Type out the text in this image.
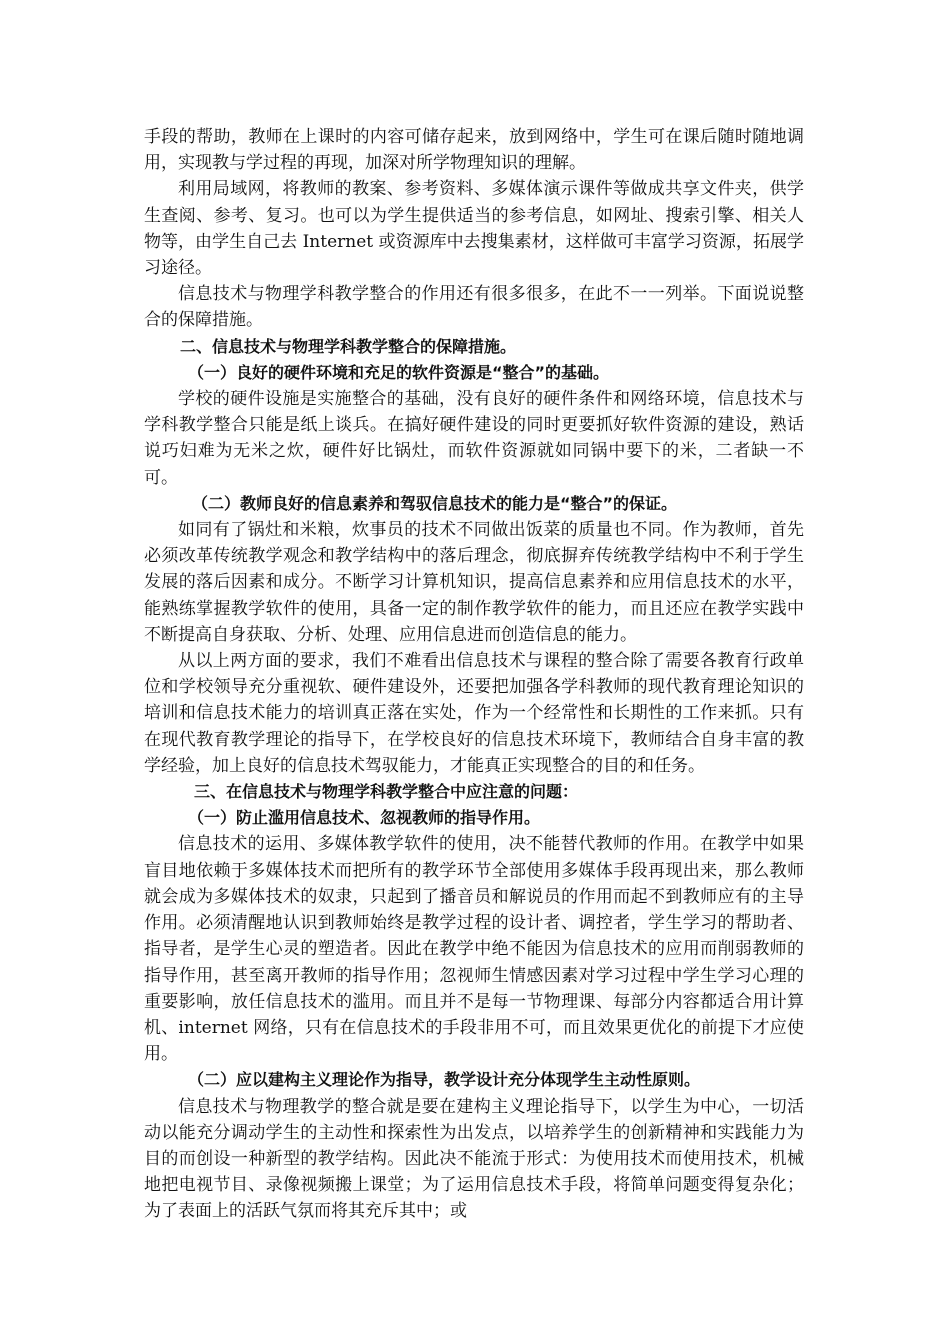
手段的帮助，教师在上课时的内容可储存起来，放到网络中，学生可在课后随时随地调用，实现教与学过程的再现，加深对所学物理知识的理解。

利用局域网，将教师的教案、参考资料、多媒体演示课件等做成共享文件夹，供学生查阅、参考、复习。也可以为学生提供适当的参考信息，如网址、搜索引擎、相关人物等，由学生自己去 Internet 或资源库中去搜集素材，这样做可丰富学习资源，拓展学习途径。

信息技术与物理学科教学整合的作用还有很多很多，在此不一一列举。下面说说整合的保障措施。

二、信息技术与物理学科教学整合的保障措施。

（一）良好的硬件环境和充足的软件资源是“整合”的基础。

学校的硬件设施是实施整合的基础，没有良好的硬件条件和网络环境，信息技术与学科教学整合只能是纸上谈兵。在搞好硬件建设的同时更要抓好软件资源的建设，熟话说巧妇难为无米之炊，硬件好比锅灶，而软件资源就如同锅中要下的米，二者缺一不可。

（二）教师良好的信息素养和驾驭信息技术的能力是“整合”的保证。

如同有了锅灶和米粮，炊事员的技术不同做出饭菜的质量也不同。作为教师，首先必须改革传统教学观念和教学结构中的落后理念，彻底摒弃传统教学结构中不利于学生发展的落后因素和成分。不断学习计算机知识，提高信息素养和应用信息技术的水平，能熟练掌握教学软件的使用，具备一定的制作教学软件的能力，而且还应在教学实践中不断提高自身获取、分析、处理、应用信息进而创造信息的能力。

从以上两方面的要求，我们不难看出信息技术与课程的整合除了需要各教育行政单位和学校领导充分重视软、硬件建设外，还要把加强各学科教师的现代教育理论知识的培训和信息技术能力的培训真正落在实处，作为一个经常性和长期性的工作来抓。只有在现代教育教学理论的指导下，在学校良好的信息技术环境下，教师结合自身丰富的教学经验，加上良好的信息技术驾驭能力，才能真正实现整合的目的和任务。

三、在信息技术与物理学科教学整合中应注意的问题：

（一）防止滥用信息技术、忽视教师的指导作用。

信息技术的运用、多媒体教学软件的使用，决不能替代教师的作用。在教学中如果盲目地依赖于多媒体技术而把所有的教学环节全部使用多媒体手段再现出来，那么教师就会成为多媒体技术的奴隶，只起到了播音员和解说员的作用而起不到教师应有的主导作用。必须清醒地认识到教师始终是教学过程的设计者、调控者，学生学习的帮助者、指导者，是学生心灵的塑造者。因此在教学中绝不能因为信息技术的应用而削弱教师的指导作用，甚至离开教师的指导作用；忽视师生情感因素对学习过程中学生学习心理的重要影响，放任信息技术的滥用。而且并不是每一节物理课、每部分内容都适合用计算机、internet 网络，只有在信息技术的手段非用不可，而且效果更优化的前提下才应使用。

（二）应以建构主义理论作为指导，教学设计充分体现学生主动性原则。

信息技术与物理教学的整合就是要在建构主义理论指导下，以学生为中心，一切活动以能充分调动学生的主动性和探索性为出发点，以培养学生的创新精神和实践能力为目的而创设一种新型的教学结构。因此决不能流于形式：为使用技术而使用技术，机械地把电视节目、录像视频搬上课堂；为了运用信息技术手段，将简单问题变得复杂化；为了表面上的活跃气氛而将其充斥其中；或
